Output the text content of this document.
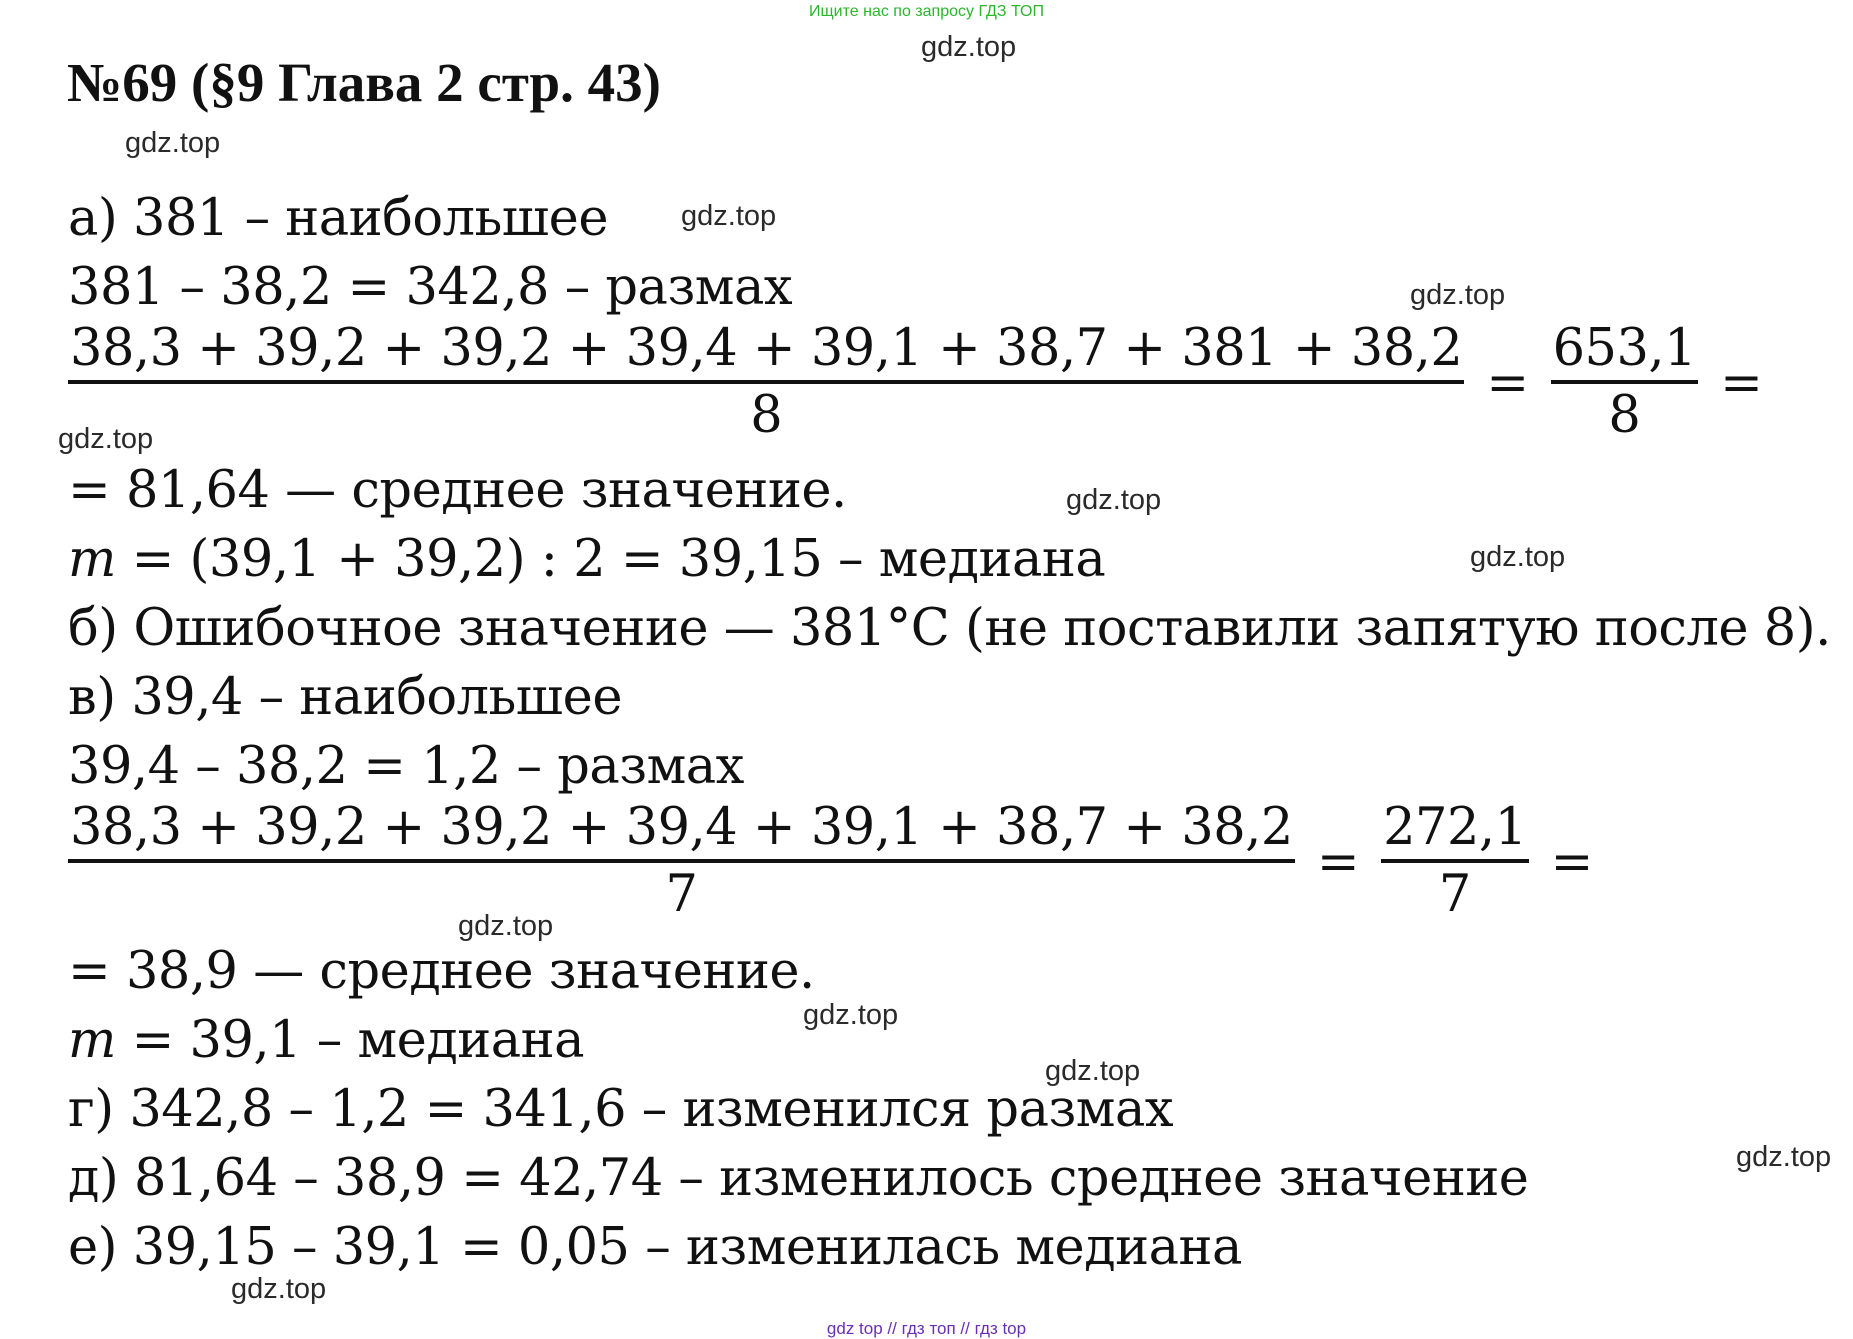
Ищите нас по запросу ГДЗ ТОП
№69 (§9 Глава 2 стр. 43)
gdz.top
gdz.top
gdz.top
gdz.top
gdz.top
gdz.top
gdz.top
gdz.top
gdz.top
gdz.top
gdz.top
gdz.top
а) 381 – наибольшее
381 – 38,2 = 342,8 – размах
$\frac{38,3 + 39,2 + 39,2 + 39,4 + 39,1 + 38,7 + 381 + 38,2}{8} = \frac{653,1}{8}$ =
= 81,64 — среднее значение.
m = (39,1 + 39,2) : 2 = 39,15 – медиана
б) Ошибочное значение — 381°С (не поставили запятую после 8).
в) 39,4 – наибольшее
39,4 – 38,2 = 1,2 – размах
$\frac{38,3 + 39,2 + 39,2 + 39,4 + 39,1 + 38,7 + 38,2}{7} = \frac{272,1}{7}$ =
= 38,9 — среднее значение.
m = 39,1 – медиана
г) 342,8 – 1,2 = 341,6 – изменился размах
д) 81,64 – 38,9 = 42,74 – изменилось среднее значение
е) 39,15 – 39,1 = 0,05 – изменилась медиана
gdz top // гдз топ // гдз top
